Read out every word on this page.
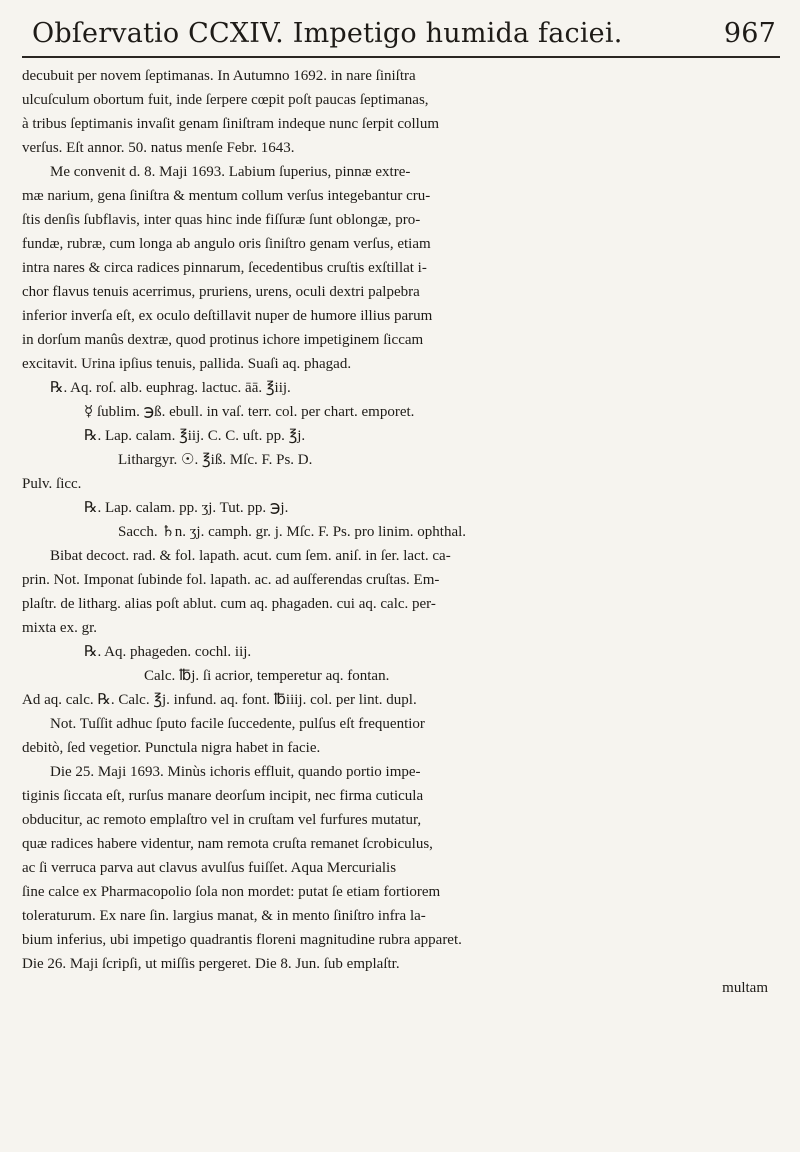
Obſervatio CCXIV. Impetigo humida faciei.	967

decubuit per novem ſeptimanas. In Autumno 1692. in nare ſiniſtra

ulcuſculum obortum fuit, inde ſerpere cœpit poſt paucas ſeptimanas,

à tribus ſeptimanis invaſit genam ſiniſtram indeque nunc ſerpit collum

verſus. Eſt annor. 50. natus menſe Febr. 1643.

Me convenit d. 8. Maji 1693. Labium ſuperius, pinnæ extre-

mæ narium, gena ſiniſtra & mentum collum verſus integebantur cru-

ſtis denſis ſubflavis, inter quas hinc inde fiſſuræ ſunt oblongæ, pro-

fundæ, rubræ, cum longa ab angulo oris ſiniſtro genam verſus, etiam

intra nares & circa radices pinnarum, ſecedentibus cruſtis exſtillat i-

chor flavus tenuis acerrimus, pruriens, urens, oculi dextri palpebra

inferior inverſa eſt, ex oculo deſtillavit nuper de humore illius parum

in dorſum manûs dextræ, quod protinus ichore impetiginem ſiccam

excitavit. Urina ipſius tenuis, pallida. Suaſi aq. phagad.

℞. Aq. roſ. alb. euphrag. lactuc. āā. ℥iij.

☿ ſublim. ℈ß. ebull. in vaſ. terr. col. per chart. emporet.

℞. Lap. calam. ℥iij. C. C. uſt. pp. ℥j.

Lithargyr. ☉. ℥iß. Mſc. F. Ps. D.

Pulv. ſicc.

℞. Lap. calam. pp. ʒj. Tut. pp. ℈j.

Sacch. ♄n. ʒj. camph. gr. j. Mſc. F. Ps. pro linim. ophthal.

Bibat decoct. rad. & fol. lapath. acut. cum ſem. aniſ. in ſer. lact. ca-

prin. Not. Imponat ſubinde fol. lapath. ac. ad auſferendas cruſtas. Em-

plaſtr. de litharg. alias poſt ablut. cum aq. phagaden. cui aq. calc. per-

mixta ex. gr.

℞. Aq. phageden. cochl. iij.

Calc. ℔j. ſi acrior, temperetur aq. fontan.

Ad aq. calc. ℞. Calc. ℥j. infund. aq. font. ℔iiij. col. per lint. dupl.

Not. Tuſſit adhuc ſputo facile ſuccedente, pulſus eſt frequentior

debitò, ſed vegetior. Punctula nigra habet in facie.

Die 25. Maji 1693. Minùs ichoris effluit, quando portio impe-

tiginis ſiccata eſt, rurſus manare deorſum incipit, nec firma cuticula

obducitur, ac remoto emplaſtro vel in cruſtam vel furfures mutatur,

quæ radices habere videntur, nam remota cruſta remanet ſcrobiculus,

ac ſi verruca parva aut clavus avulſus fuiſſet. Aqua Mercurialis

ſine calce ex Pharmacopolio ſola non mordet: putat ſe etiam fortiorem

toleraturum. Ex nare ſin. largius manat, & in mento ſiniſtro infra la-

bium inferius, ubi impetigo quadrantis floreni magnitudine rubra apparet.

Die 26. Maji ſcripſi, ut miſſis pergeret. Die 8. Jun. ſub emplaſtr.

multam
